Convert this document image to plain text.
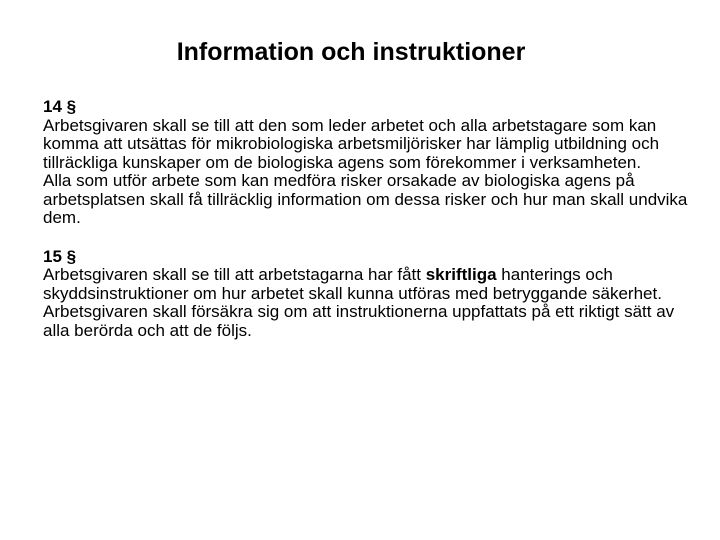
Information och instruktioner
14 §
Arbetsgivaren skall se till att den som leder arbetet och alla arbetstagare som kan komma att utsättas för mikrobiologiska arbetsmiljörisker har lämplig utbildning och tillräckliga kunskaper om de biologiska agens som förekommer i verksamheten.
Alla som utför arbete som kan medföra risker orsakade av biologiska agens på arbetsplatsen skall få tillräcklig information om dessa risker och hur man skall undvika dem.
15 §
Arbetsgivaren skall se till att arbetstagarna har fått skriftliga hanterings och skyddsinstruktioner om hur arbetet skall kunna utföras med betryggande säkerhet.
Arbetsgivaren skall försäkra sig om att instruktionerna uppfattats på ett riktigt sätt av alla berörda och att de följs.
